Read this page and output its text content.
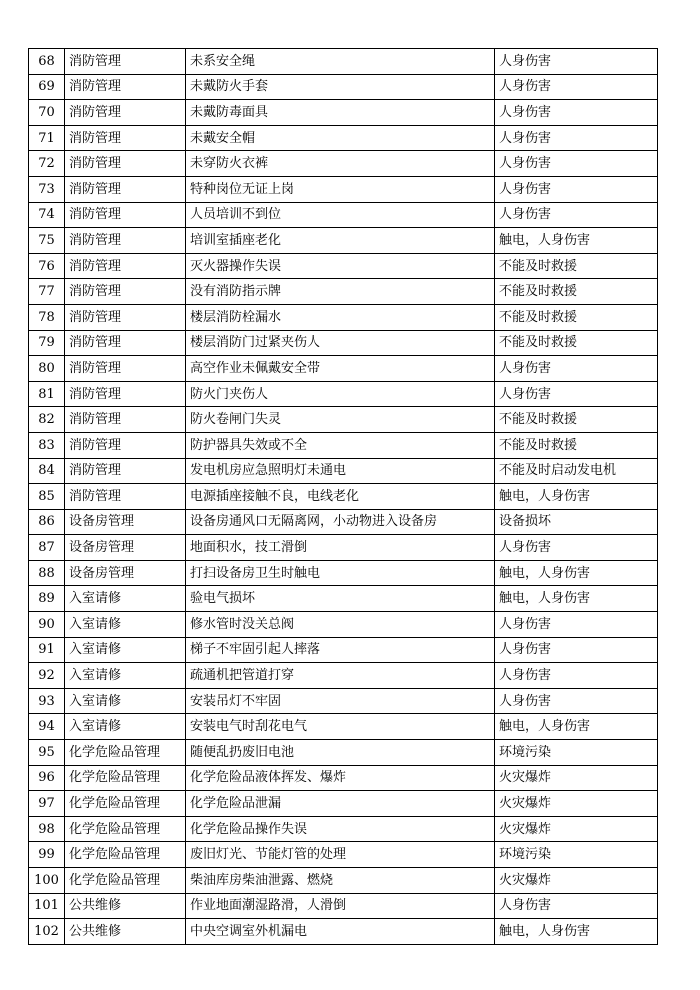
68	消防管理	未系安全绳	人身伤害
69	消防管理	未戴防火手套	人身伤害
70	消防管理	未戴防毒面具	人身伤害
71	消防管理	未戴安全帽	人身伤害
72	消防管理	未穿防火衣裤	人身伤害
73	消防管理	特种岗位无证上岗	人身伤害
74	消防管理	人员培训不到位	人身伤害
75	消防管理	培训室插座老化	触电，人身伤害
76	消防管理	灭火器操作失误	不能及时救援
77	消防管理	没有消防指示牌	不能及时救援
78	消防管理	楼层消防栓漏水	不能及时救援
79	消防管理	楼层消防门过紧夹伤人	不能及时救援
80	消防管理	高空作业未佩戴安全带	人身伤害
81	消防管理	防火门夹伤人	人身伤害
82	消防管理	防火卷闸门失灵	不能及时救援
83	消防管理	防护器具失效或不全	不能及时救援
84	消防管理	发电机房应急照明灯未通电	不能及时启动发电机
85	消防管理	电源插座接触不良，电线老化	触电，人身伤害
86	设备房管理	设备房通风口无隔离网，小动物进入设备房	设备损坏
87	设备房管理	地面积水，技工滑倒	人身伤害
88	设备房管理	打扫设备房卫生时触电	触电，人身伤害
89	入室请修	验电气损坏	触电，人身伤害
90	入室请修	修水管时没关总阀	人身伤害
91	入室请修	梯子不牢固引起人摔落	人身伤害
92	入室请修	疏通机把管道打穿	人身伤害
93	入室请修	安装吊灯不牢固	人身伤害
94	入室请修	安装电气时刮花电气	触电，人身伤害
95	化学危险品管理	随便乱扔废旧电池	环境污染
96	化学危险品管理	化学危险品液体挥发、爆炸	火灾爆炸
97	化学危险品管理	化学危险品泄漏	火灾爆炸
98	化学危险品管理	化学危险品操作失误	火灾爆炸
99	化学危险品管理	废旧灯光、节能灯管的处理	环境污染
100	化学危险品管理	柴油库房柴油泄露、燃烧	火灾爆炸
101	公共维修	作业地面潮湿路滑，人滑倒	人身伤害
102	公共维修	中央空调室外机漏电	触电，人身伤害
